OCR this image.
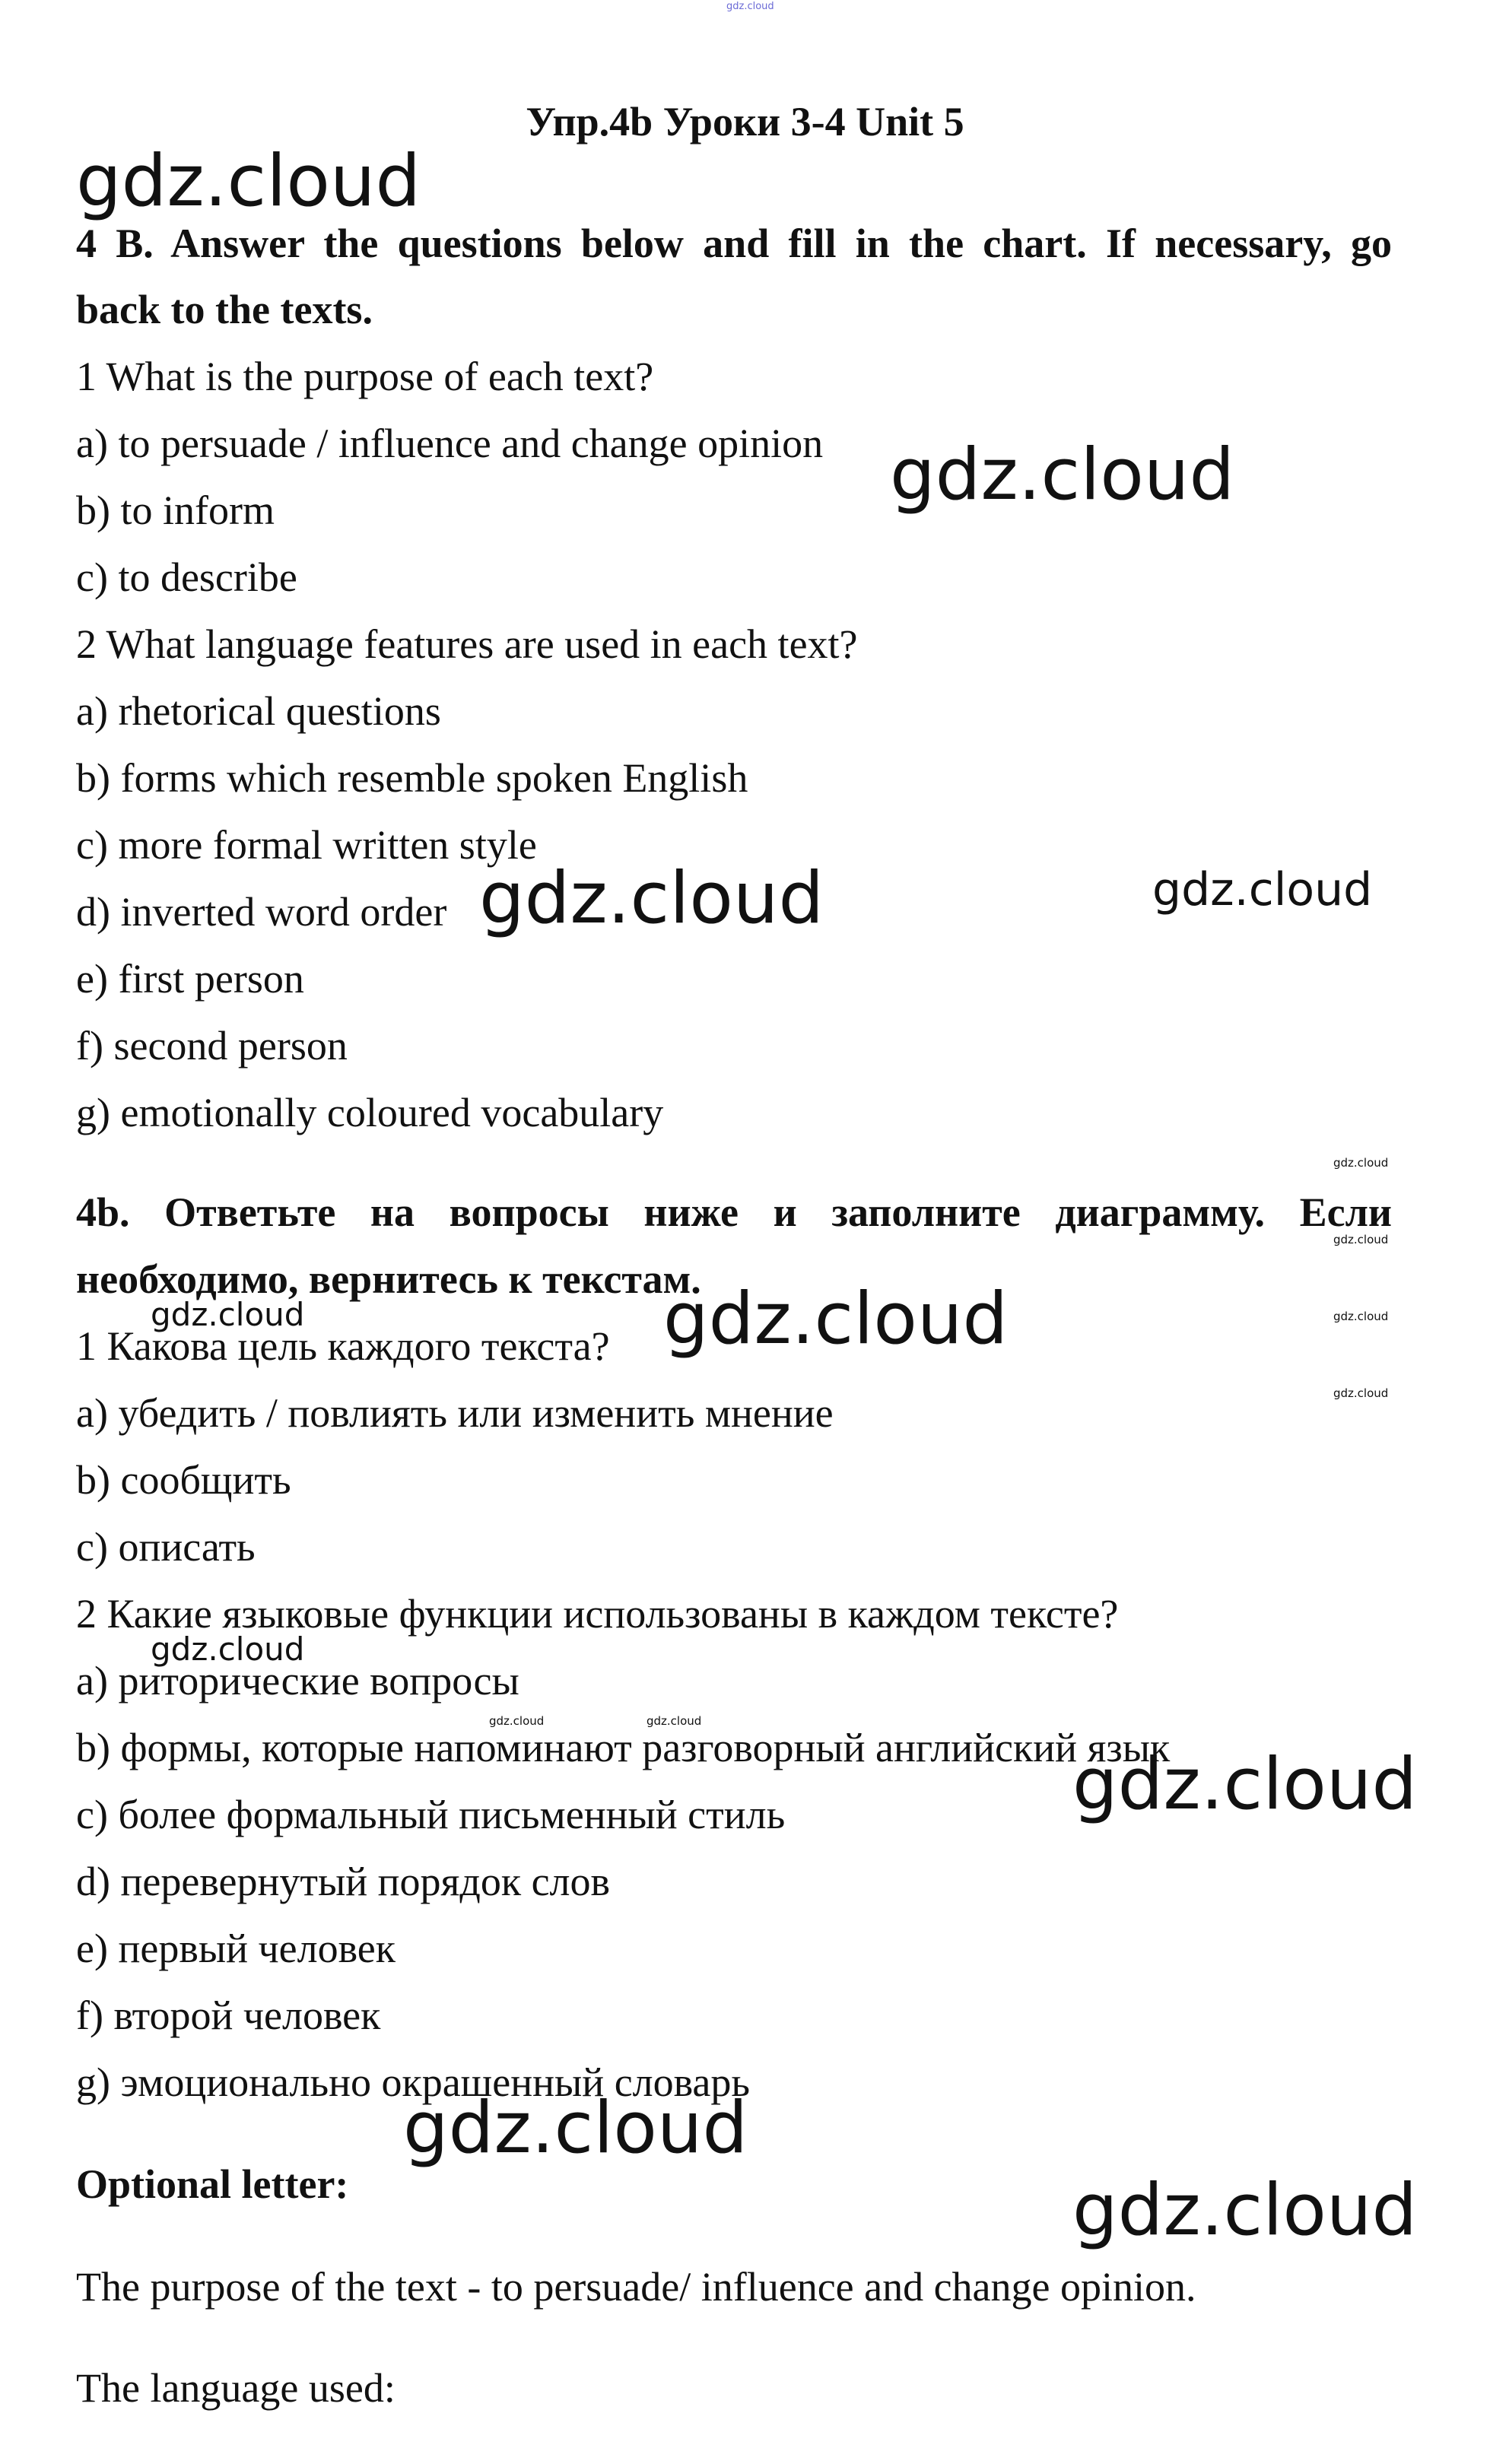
gdz.cloud
Упр.4b Уроки 3-4 Unit 5
4 B. Answer the questions below and fill in the chart. If necessary, go
back to the texts.
1 What is the purpose of each text?
a) to persuade / influence and change opinion
b) to inform
c) to describe
2 What language features are used in each text?
a) rhetorical questions
b) forms which resemble spoken English
c) more formal written style
d) inverted word order
e) first person
f) second person
g) emotionally coloured vocabulary
4b. Ответьте на вопросы ниже и заполните диаграмму. Если
необходимо, вернитесь к текстам.
1 Какова цель каждого текста?
a) убедить / повлиять или изменить мнение
b) сообщить
c) описать
2 Какие языковые функции использованы в каждом тексте?
a) риторические вопросы
b) формы, которые напоминают разговорный английский язык
c) более формальный письменный стиль
d) перевернутый порядок слов
e) первый человек
f) второй человек
g) эмоционально окрашенный словарь
Optional letter:
The purpose of the text - to persuade/ influence and change opinion.
The language used:
gdz.cloud
gdz.cloud
gdz.cloud	gdz.cloud
gdz.cloud
gdz.cloud
gdz.cloud
gdz.cloud
gdz.cloud	gdz.cloud
gdz.cloud
gdz.cloud	gdz.cloud
gdz.cloud
gdz.cloud
gdz.cloud
